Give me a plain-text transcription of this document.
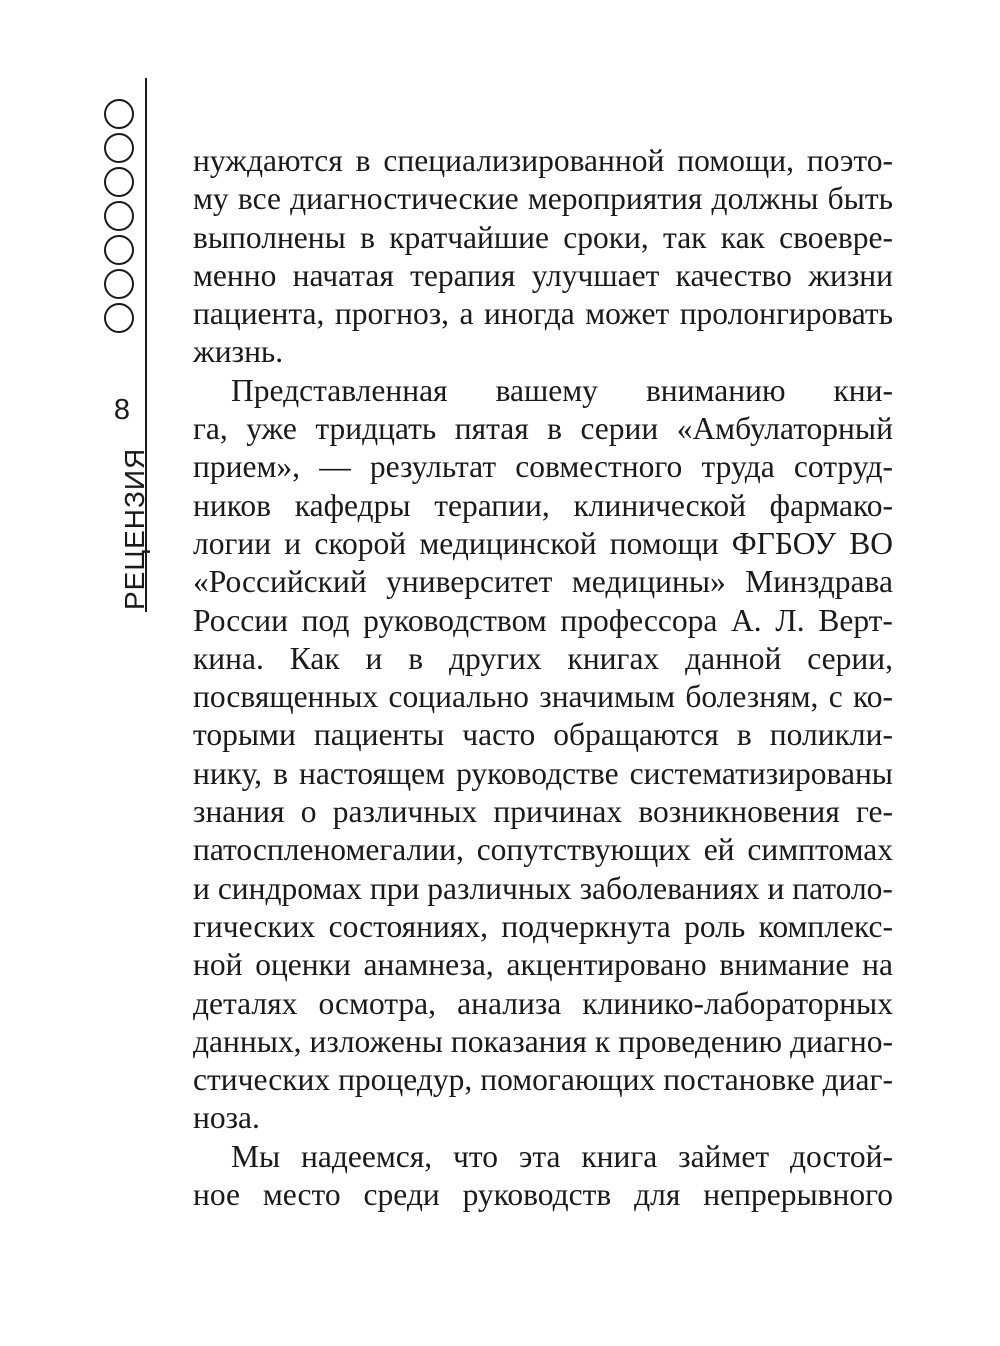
8
РЕЦЕНЗИЯ
нуждаются в специализированной помощи, поэто-
му все диагностические мероприятия должны быть
выполнены в кратчайшие сроки, так как своевре-
менно начатая терапия улучшает качество жизни
пациента, прогноз, а иногда может пролонгировать
жизнь.
Представленная вашему вниманию кни-
га, уже тридцать пятая в серии «Амбулаторный
прием», — результат совместного труда сотруд-
ников кафедры терапии, клинической фармако-
логии и скорой медицинской помощи ФГБОУ ВО
«Российский университет медицины» Минздрава
России под руководством профессора А. Л. Верт-
кина. Как и в других книгах данной серии,
посвященных социально значимым болезням, с ко-
торыми пациенты часто обращаются в поликли-
нику, в настоящем руководстве систематизированы
знания о различных причинах возникновения ге-
патоспленомегалии, сопутствующих ей симптомах
и синдромах при различных заболеваниях и патоло-
гических состояниях, подчеркнута роль комплекс-
ной оценки анамнеза, акцентировано внимание на
деталях осмотра, анализа клинико-лабораторных
данных, изложены показания к проведению диагно-
стических процедур, помогающих постановке диаг-
ноза.
Мы надеемся, что эта книга займет достой-
ное место среди руководств для непрерывного
